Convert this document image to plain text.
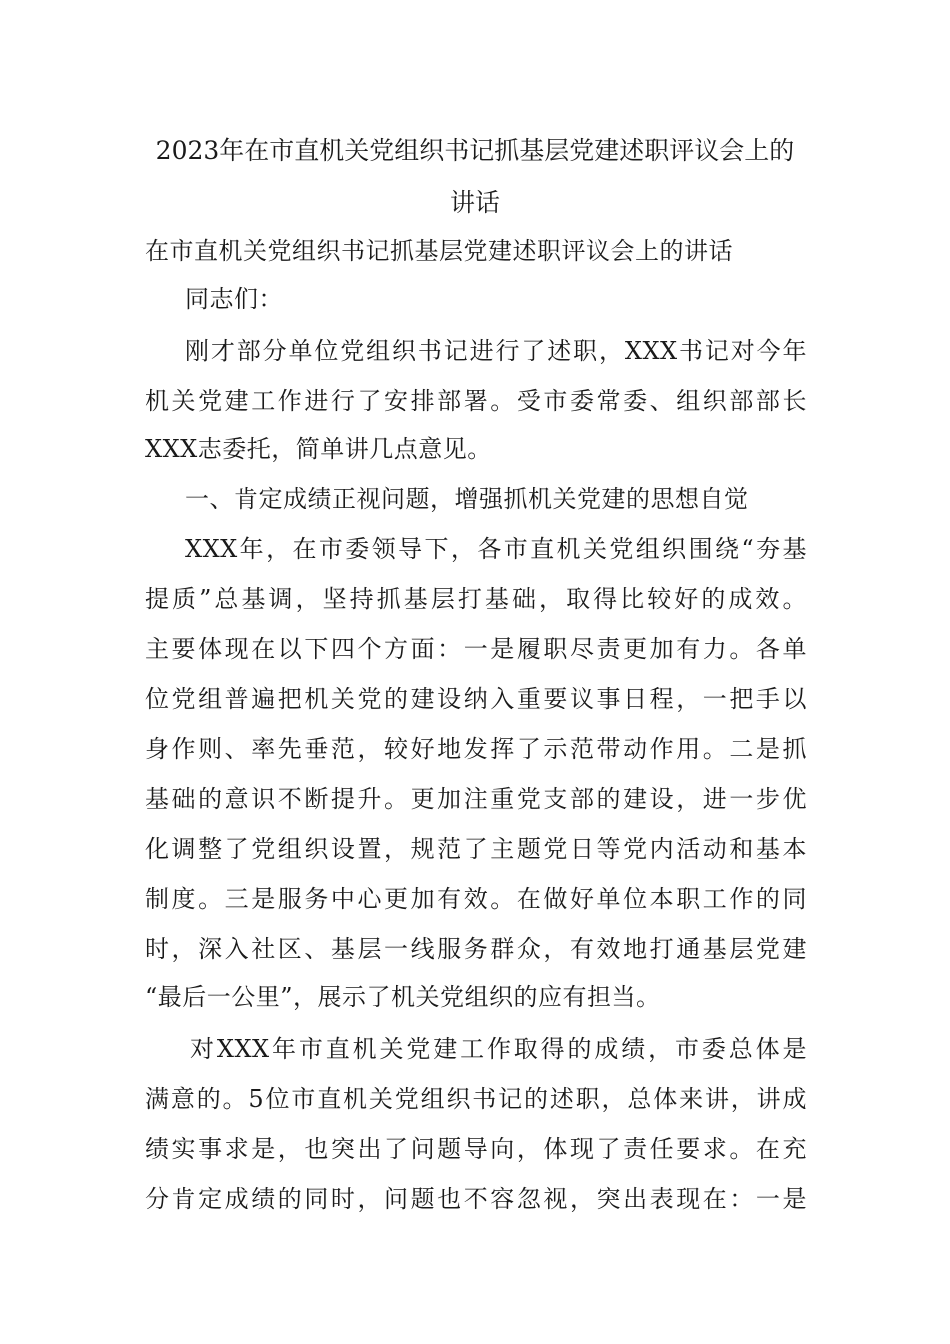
2023年在市直机关党组织书记抓基层党建述职评议会上的
讲话
在市直机关党组织书记抓基层党建述职评议会上的讲话
同志们：
刚才部分单位党组织书记进行了述职，XXX书记对今年
机关党建工作进行了安排部署。受市委常委、组织部部长
XXX志委托，简单讲几点意见。
一、肯定成绩正视问题，增强抓机关党建的思想自觉
XXX年，在市委领导下，各市直机关党组织围绕“夯基
提质”总基调，坚持抓基层打基础，取得比较好的成效。
主要体现在以下四个方面：一是履职尽责更加有力。各单
位党组普遍把机关党的建设纳入重要议事日程，一把手以
身作则、率先垂范，较好地发挥了示范带动作用。二是抓
基础的意识不断提升。更加注重党支部的建设，进一步优
化调整了党组织设置，规范了主题党日等党内活动和基本
制度。三是服务中心更加有效。在做好单位本职工作的同
时，深入社区、基层一线服务群众，有效地打通基层党建
“最后一公里”，展示了机关党组织的应有担当。
对XXX年市直机关党建工作取得的成绩，市委总体是
满意的。5位市直机关党组织书记的述职，总体来讲，讲成
绩实事求是，也突出了问题导向，体现了责任要求。在充
分肯定成绩的同时，问题也不容忽视，突出表现在：一是
